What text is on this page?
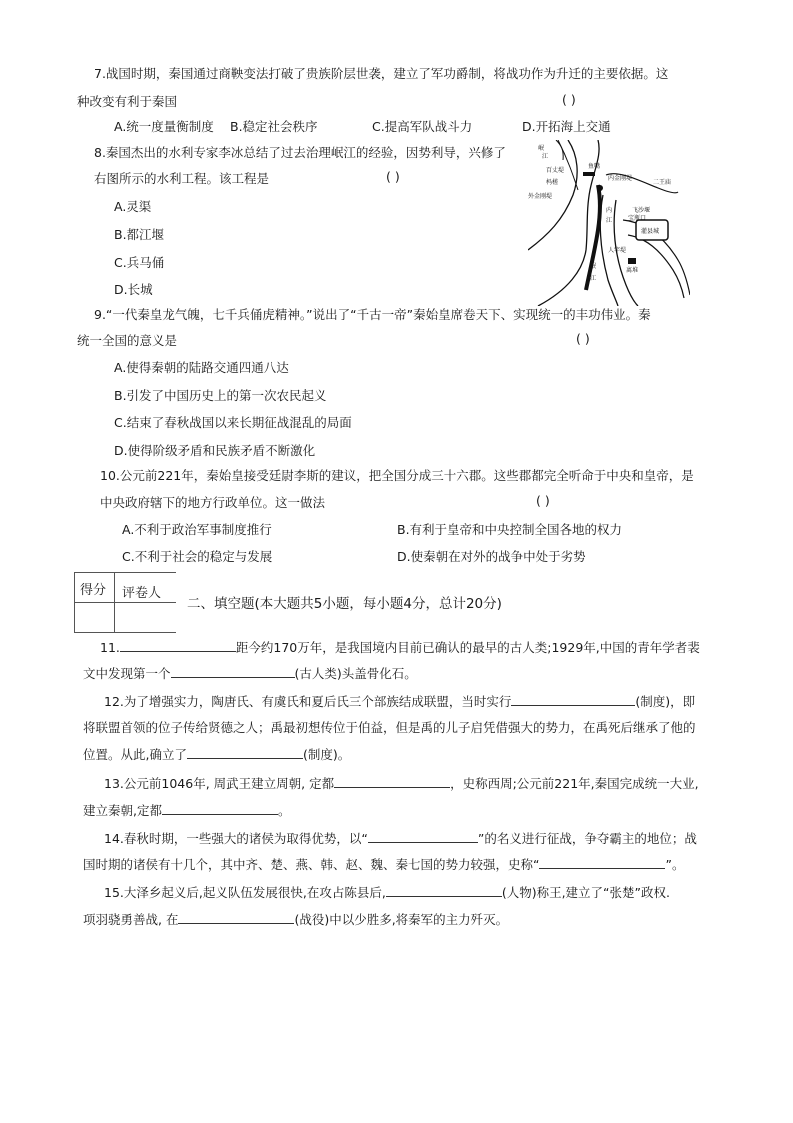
7.战国时期，秦国通过商鞅变法打破了贵族阶层世袭，建立了军功爵制，将战功作为升迁的主要依据。这
种改变有利于秦国	( )
A.统一度量衡制度 B.稳定社会秩序	C.提高军队战斗力	D.开拓海上交通
8.秦国杰出的水利专家李冰总结了过去治理岷江的经验，因势利导，兴修了
右图所示的水利工程。该工程是	( )
A.灵渠
B.都江堰
C.兵马俑
D.长城
岷
江
百丈堤
杩槎
鱼嘴
内金刚堤
外金刚堤
内
江
二王庙
飞沙堰
宝瓶口
离堆
人字堤
灌县城
岷
江
9.“一代秦皇龙气魄，七千兵俑虎精神。”说出了“千古一帝”秦始皇席卷天下、实现统一的丰功伟业。秦
统一全国的意义是	( )
A.使得秦朝的陆路交通四通八达
B.引发了中国历史上的第一次农民起义
C.结束了春秋战国以来长期征战混乱的局面
D.使得阶级矛盾和民族矛盾不断激化
10.公元前221年，秦始皇接受廷尉李斯的建议，把全国分成三十六郡。这些郡都完全听命于中央和皇帝，是
中央政府辖下的地方行政单位。这一做法	( )
A.不利于政治军事制度推行	B.有利于皇帝和中央控制全国各地的权力
C.不利于社会的稳定与发展	D.使秦朝在对外的战争中处于劣势
得分 评卷人
二、填空题(本大题共5小题，每小题4分，总计20分)
11.	距今约170万年，是我国境内目前已确认的最早的古人类;1929年,中国的青年学者裴
文中发现第一个	(古人类)头盖骨化石。
12.为了增强实力，陶唐氏、有虞氏和夏后氏三个部族结成联盟，当时实行	(制度)，即
将联盟首领的位子传给贤德之人；禹最初想传位于伯益，但是禹的儿子启凭借强大的势力，在禹死后继承了他的
位置。从此,确立了	(制度)。
13.公元前1046年, 周武王建立周朝, 定都	，史称西周;公元前221年,秦国完成统一大业,
建立秦朝,定都	。
14.春秋时期，一些强大的诸侯为取得优势，以“	”的名义进行征战，争夺霸主的地位；战
国时期的诸侯有十几个，其中齐、楚、燕、韩、赵、魏、秦七国的势力较强，史称“	”。
15.大泽乡起义后,起义队伍发展很快,在攻占陈县后,	(人物)称王,建立了“张楚”政权.
项羽骁勇善战, 在	(战役)中以少胜多,将秦军的主力歼灭。
